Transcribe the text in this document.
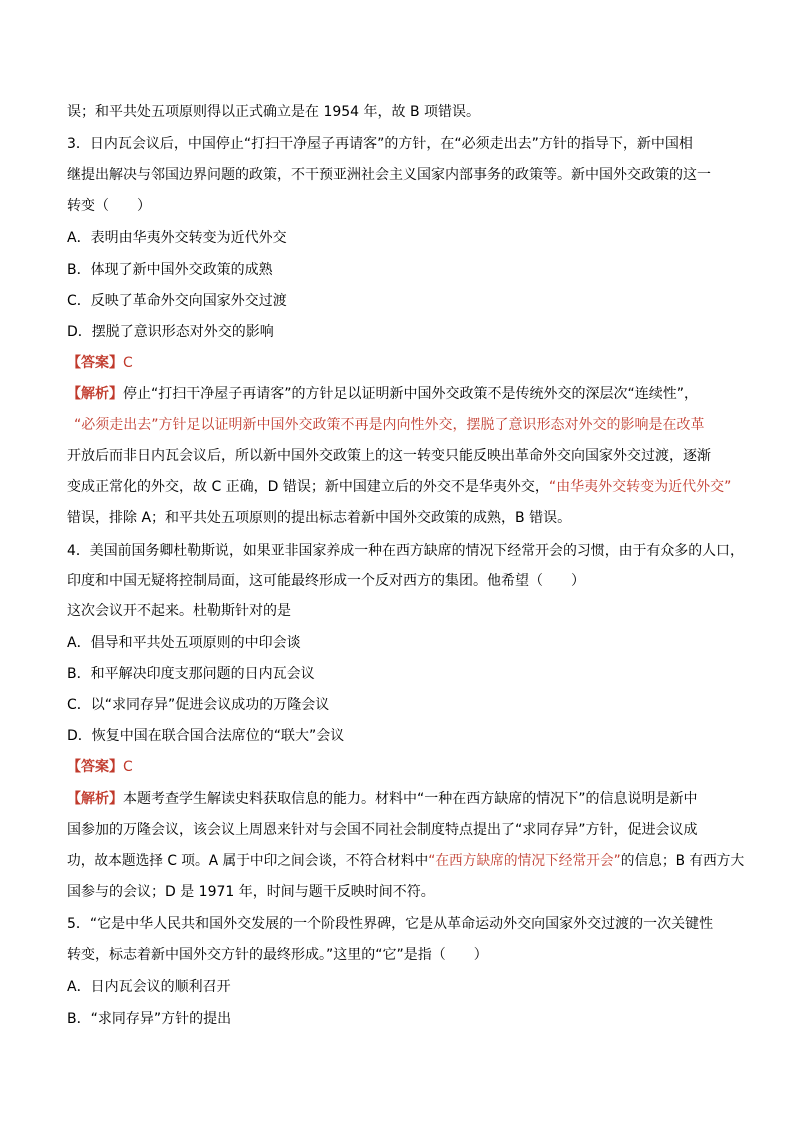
误；和平共处五项原则得以正式确立是在 1954 年，故 B 项错误。
3．日内瓦会议后，中国停止“打扫干净屋子再请客”的方针，在“必须走出去”方针的指导下，新中国相
继提出解决与邻国边界问题的政策，不干预亚洲社会主义国家内部事务的政策等。新中国外交政策的这一
转变（　　）
A．表明由华夷外交转变为近代外交
B．体现了新中国外交政策的成熟
C．反映了革命外交向国家外交过渡
D．摆脱了意识形态对外交的影响
【答案】C
【解析】停止“打扫干净屋子再请客”的方针足以证明新中国外交政策不是传统外交的深层次“连续性”，
“必须走出去”方针足以证明新中国外交政策不再是内向性外交，摆脱了意识形态对外交的影响是在改革
开放后而非日内瓦会议后，所以新中国外交政策上的这一转变只能反映出革命外交向国家外交过渡，逐渐
变成正常化的外交，故 C 正确，D 错误；新中国建立后的外交不是华夷外交，“由华夷外交转变为近代外交”
错误，排除 A；和平共处五项原则的提出标志着新中国外交政策的成熟，B 错误。
4．美国前国务卿杜勒斯说，如果亚非国家养成一种在西方缺席的情况下经常开会的习惯，由于有众多的人口，
印度和中国无疑将控制局面，这可能最终形成一个反对西方的集团。他希望（　　）
这次会议开不起来。杜勒斯针对的是
A．倡导和平共处五项原则的中印会谈
B．和平解决印度支那问题的日内瓦会议
C．以“求同存异”促进会议成功的万隆会议
D．恢复中国在联合国合法席位的“联大”会议
【答案】C
【解析】本题考查学生解读史料获取信息的能力。材料中“一种在西方缺席的情况下”的信息说明是新中
国参加的万隆会议，该会议上周恩来针对与会国不同社会制度特点提出了“求同存异”方针，促进会议成
功，故本题选择 C 项。A 属于中印之间会谈，不符合材料中“在西方缺席的情况下经常开会”的信息；B 有西方大
国参与的会议；D 是 1971 年，时间与题干反映时间不符。
5．“它是中华人民共和国外交发展的一个阶段性界碑，它是从革命运动外交向国家外交过渡的一次关键性
转变，标志着新中国外交方针的最终形成。”这里的“它”是指（　　）
A．日内瓦会议的顺利召开
B．“求同存异”方针的提出
